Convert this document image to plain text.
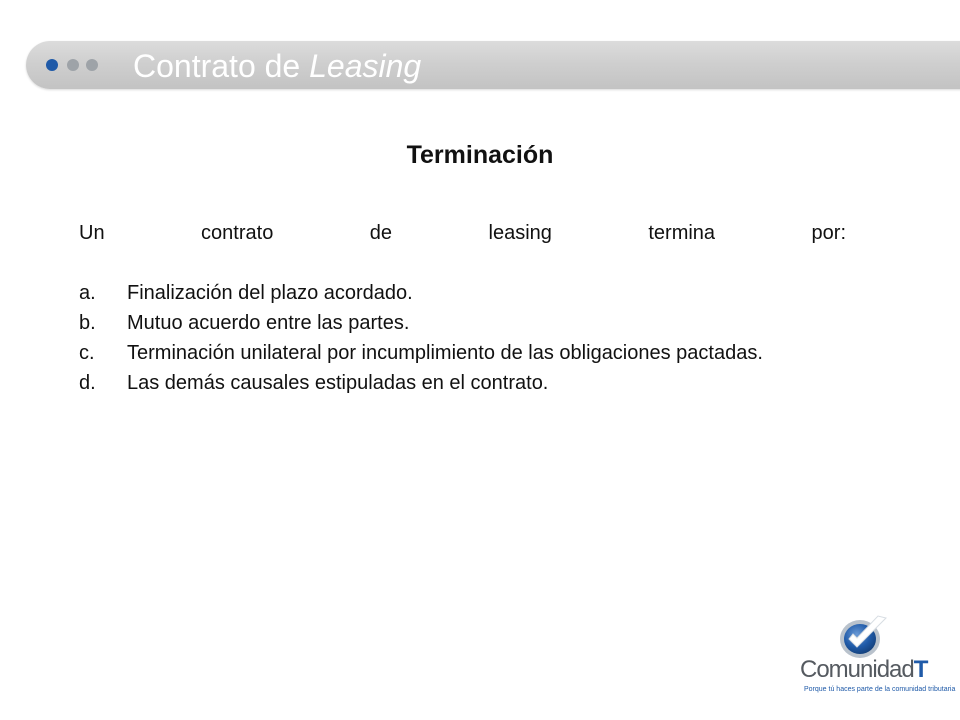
Contrato de Leasing
Terminación

Un	contrato	de	leasing	termina	por:

a.	Finalización del plazo acordado.
b.	Mutuo acuerdo entre las partes.
c.	Terminación unilateral por incumplimiento de las obligaciones pactadas.
d.	Las demás causales estipuladas en el contrato.
ComunidadT
Porque tú haces parte de la comunidad tributaria
